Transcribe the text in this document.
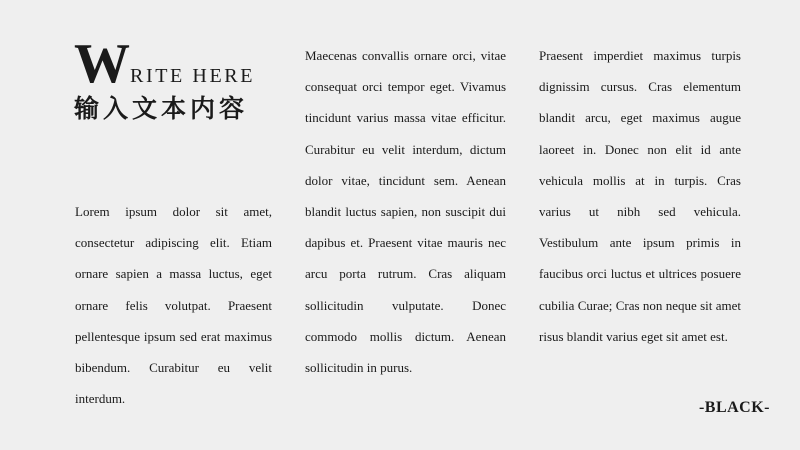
W RITE HERE
输入文本内容
Lorem ipsum dolor sit amet, consectetur adipiscing elit. Etiam ornare sapien a massa luctus, eget ornare felis volutpat. Praesent pellentesque ipsum sed erat maximus bibendum. Curabitur eu velit interdum.
Maecenas convallis ornare orci, vitae consequat orci tempor eget. Vivamus tincidunt varius massa vitae efficitur. Curabitur eu velit interdum, dictum dolor vitae, tincidunt sem. Aenean blandit luctus sapien, non suscipit dui dapibus et. Praesent vitae mauris nec arcu porta rutrum. Cras aliquam sollicitudin vulputate. Donec commodo mollis dictum. Aenean sollicitudin in purus.
Praesent imperdiet maximus turpis dignissim cursus. Cras elementum blandit arcu, eget maximus augue laoreet in. Donec non elit id ante vehicula mollis at in turpis. Cras varius ut nibh sed vehicula. Vestibulum ante ipsum primis in faucibus orci luctus et ultrices posuere cubilia Curae; Cras non neque sit amet risus blandit varius eget sit amet est.
-BLACK-
